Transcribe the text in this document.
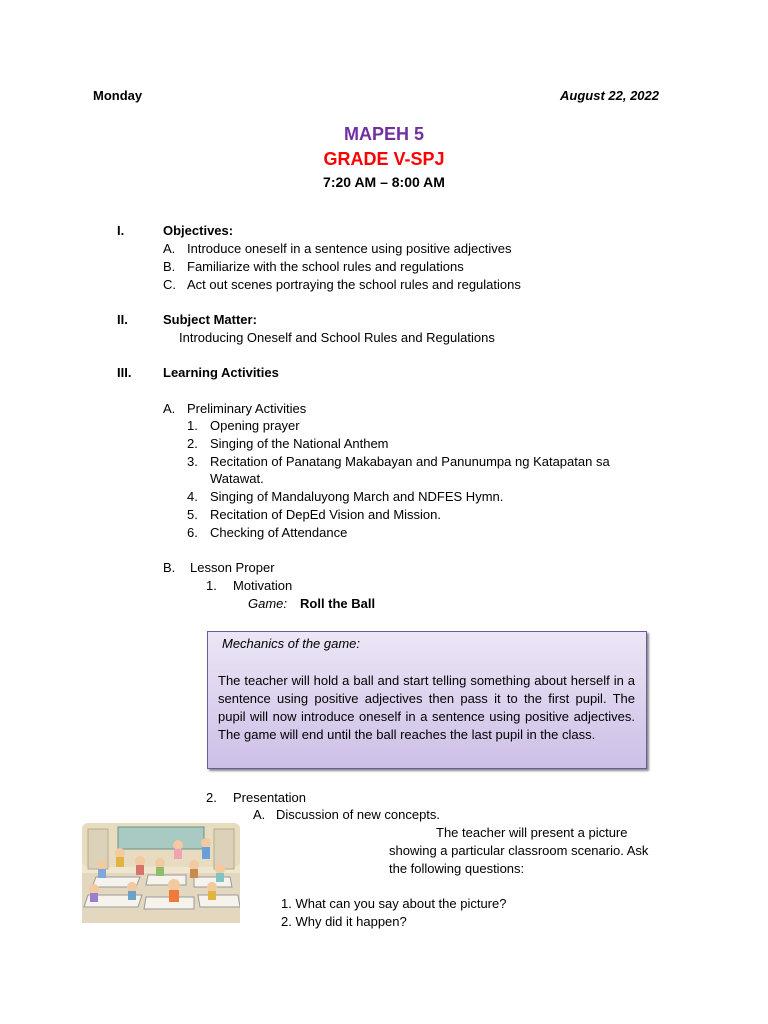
Monday	August 22, 2022
MAPEH 5
GRADE V-SPJ
7:20 AM – 8:00 AM
I.	Objectives:
A. Introduce oneself in a sentence using positive adjectives
B. Familiarize with the school rules and regulations
C. Act out scenes portraying the school rules and regulations
II.	Subject Matter:
Introducing Oneself and School Rules and Regulations
III. Learning Activities
A. Preliminary Activities
1. Opening prayer
2. Singing of the National Anthem
3. Recitation of Panatang Makabayan and Panunumpa ng Katapatan sa
Watawat.
4. Singing of Mandaluyong March and NDFES Hymn.
5. Recitation of DepEd Vision and Mission.
6. Checking of Attendance
B. Lesson Proper
1. Motivation
Game: Roll the Ball
Mechanics of the game:
The teacher will hold a ball and start telling something about herself in a sentence using positive adjectives then pass it to the first pupil. The pupil will now introduce oneself in a sentence using positive adjectives. The game will end until the ball reaches the last pupil in the class.
2. Presentation
A. Discussion of new concepts.
The teacher will present a picture
showing a particular classroom scenario. Ask
the following questions:
1. What can you say about the picture?
2. Why did it happen?
